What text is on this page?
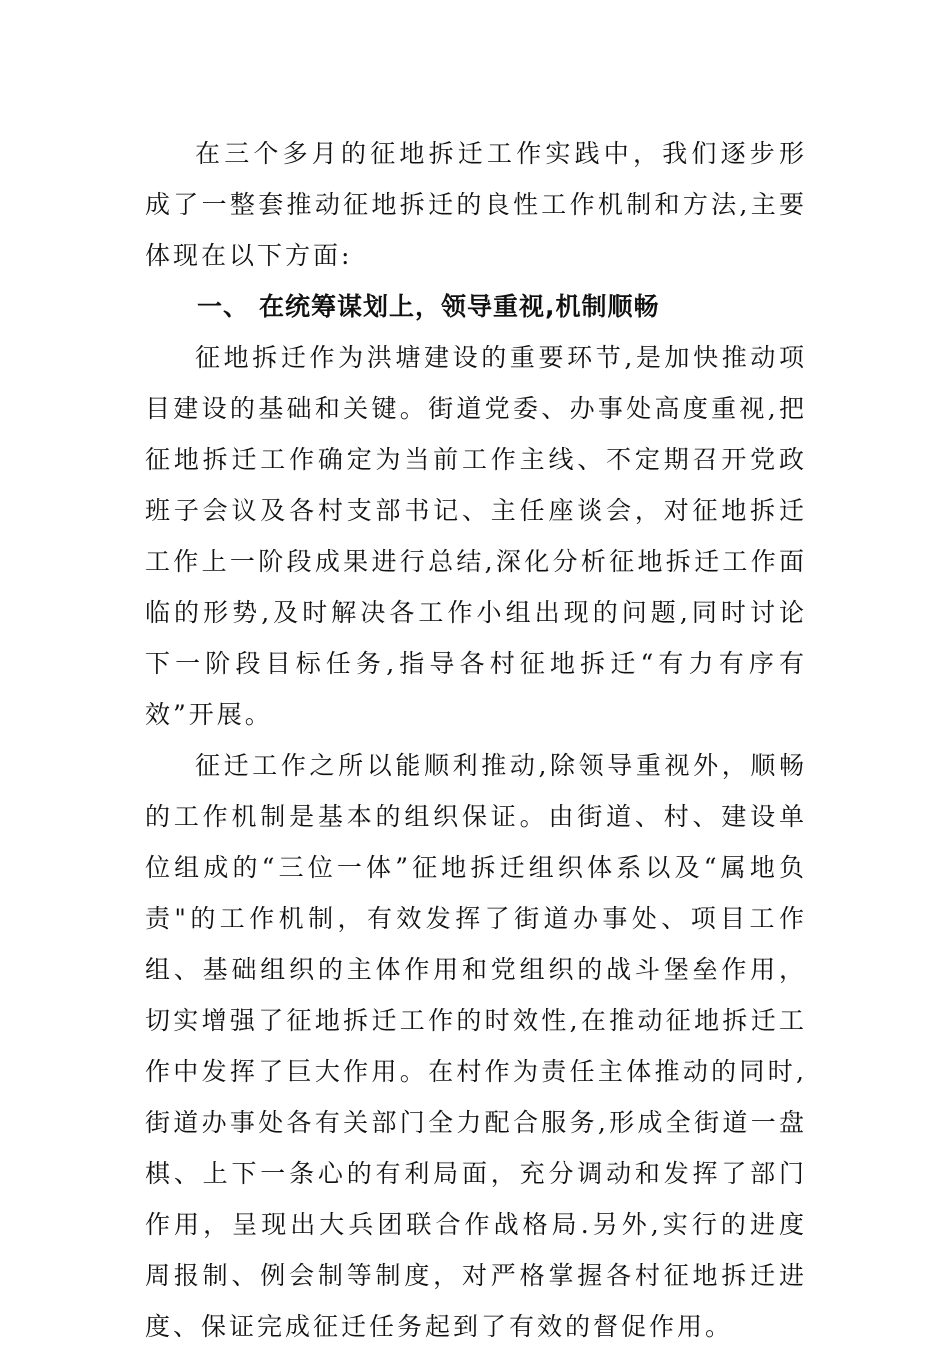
在三个多月的征地拆迁工作实践中，我们逐步形成了一整套推动征地拆迁的良性工作机制和方法,主要体现在以下方面:

一、 在统筹谋划上，领导重视,机制顺畅

征地拆迁作为洪塘建设的重要环节,是加快推动项目建设的基础和关键。街道党委、办事处高度重视,把征地拆迁工作确定为当前工作主线、不定期召开党政班子会议及各村支部书记、主任座谈会，对征地拆迁工作上一阶段成果进行总结,深化分析征地拆迁工作面临的形势,及时解决各工作小组出现的问题,同时讨论下一阶段目标任务,指导各村征地拆迁“有力有序有效”开展。

征迁工作之所以能顺利推动,除领导重视外，顺畅的工作机制是基本的组织保证。由街道、村、建设单位组成的“三位一体”征地拆迁组织体系以及“属地负责"的工作机制，有效发挥了街道办事处、项目工作组、基础组织的主体作用和党组织的战斗堡垒作用，切实增强了征地拆迁工作的时效性,在推动征地拆迁工作中发挥了巨大作用。在村作为责任主体推动的同时,街道办事处各有关部门全力配合服务,形成全街道一盘棋、上下一条心的有利局面，充分调动和发挥了部门作用，呈现出大兵团联合作战格局.另外,实行的进度周报制、例会制等制度，对严格掌握各村征地拆迁进度、保证完成征迁任务起到了有效的督促作用。
